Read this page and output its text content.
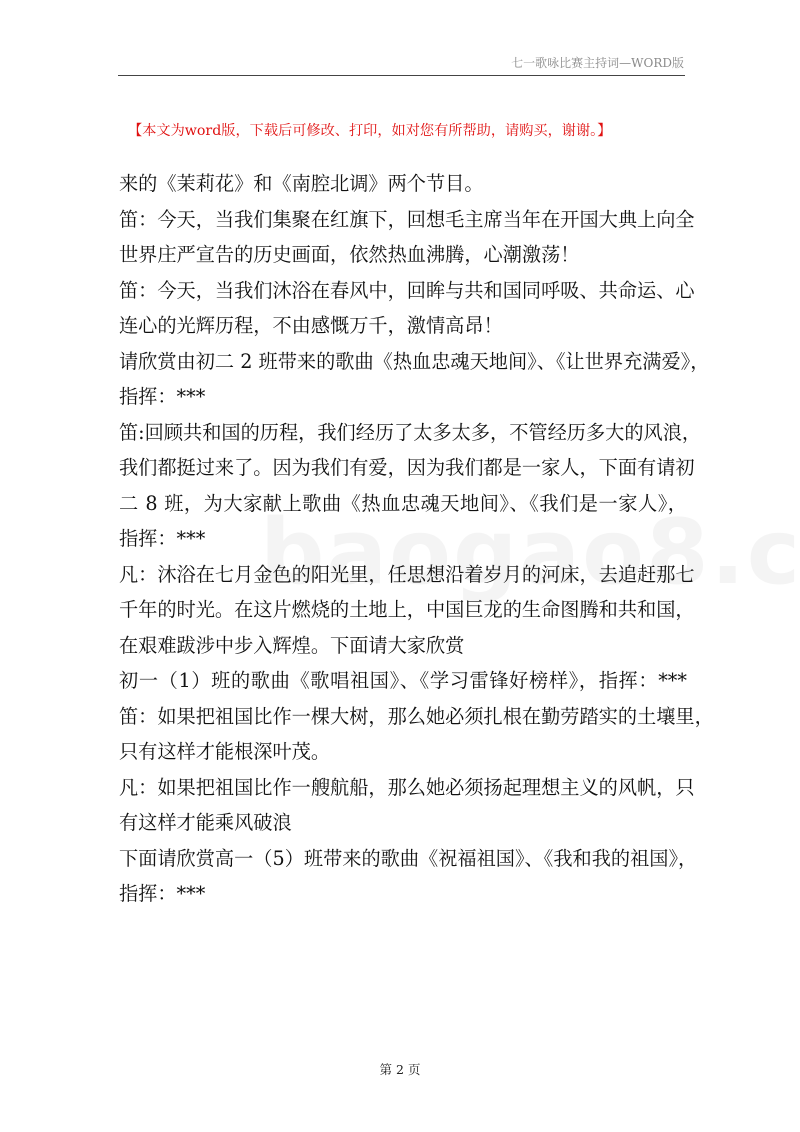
七一歌咏比赛主持词—WORD版
【本文为word版，下载后可修改、打印，如对您有所帮助，请购买，谢谢。】
来的《茉莉花》和《南腔北调》两个节目。
笛：今天，当我们集聚在红旗下，回想毛主席当年在开国大典上向全
世界庄严宣告的历史画面，依然热血沸腾，心潮激荡！
笛：今天，当我们沐浴在春风中，回眸与共和国同呼吸、共命运、心
连心的光辉历程，不由感慨万千，激情高昂！
请欣赏由初二 2 班带来的歌曲《热血忠魂天地间》、《让世界充满爱》，
指挥：***
笛:回顾共和国的历程，我们经历了太多太多，不管经历多大的风浪，
我们都挺过来了。因为我们有爱，因为我们都是一家人，下面有请初
二 8 班，为大家献上歌曲《热血忠魂天地间》、《我们是一家人》，
指挥：***
凡：沐浴在七月金色的阳光里，任思想沿着岁月的河床，去追赶那七
千年的时光。在这片燃烧的土地上，中国巨龙的生命图腾和共和国，
在艰难跋涉中步入辉煌。下面请大家欣赏
初一（1）班的歌曲《歌唱祖国》、《学习雷锋好榜样》，指挥：***
笛：如果把祖国比作一棵大树，那么她必须扎根在勤劳踏实的土壤里，
只有这样才能根深叶茂。
凡：如果把祖国比作一艘航船，那么她必须扬起理想主义的风帆，只
有这样才能乘风破浪
下面请欣赏高一（5）班带来的歌曲《祝福祖国》、《我和我的祖国》，
指挥：***
第 2 页
